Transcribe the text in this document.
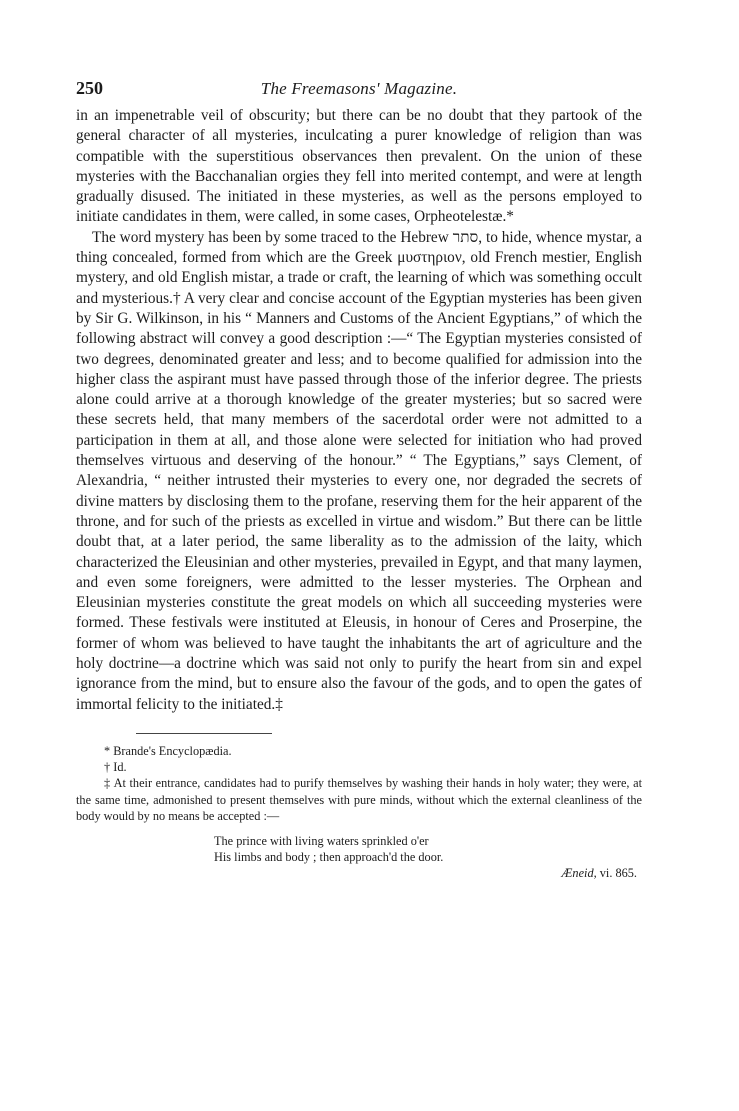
250	The Freemasons' Magazine.

in an impenetrable veil of obscurity; but there can be no doubt that they partook of the general character of all mysteries, inculcating a purer knowledge of religion than was compatible with the superstitious observances then prevalent. On the union of these mysteries with the Bacchanalian orgies they fell into merited contempt, and were at length gradually disused. The initiated in these mysteries, as well as the persons employed to initiate candidates in them, were called, in some cases, Orpheotelestæ.*

The word mystery has been by some traced to the Hebrew סתר, to hide, whence mystar, a thing concealed, formed from which are the Greek μυστηριον, old French mestier, English mystery, and old English mistar, a trade or craft, the learning of which was something occult and mysterious.† A very clear and concise account of the Egyptian mysteries has been given by Sir G. Wilkinson, in his “ Manners and Customs of the Ancient Egyptians,” of which the following abstract will convey a good description :—“ The Egyptian mysteries consisted of two degrees, denominated greater and less; and to become qualified for admission into the higher class the aspirant must have passed through those of the inferior degree. The priests alone could arrive at a thorough knowledge of the greater mysteries; but so sacred were these secrets held, that many members of the sacerdotal order were not admitted to a participation in them at all, and those alone were selected for initiation who had proved themselves virtuous and deserving of the honour.” “ The Egyptians,” says Clement, of Alexandria, “ neither intrusted their mysteries to every one, nor degraded the secrets of divine matters by disclosing them to the profane, reserving them for the heir apparent of the throne, and for such of the priests as excelled in virtue and wisdom.” But there can be little doubt that, at a later period, the same liberality as to the admission of the laity, which characterized the Eleusinian and other mysteries, prevailed in Egypt, and that many laymen, and even some foreigners, were admitted to the lesser mysteries. The Orphean and Eleusinian mysteries constitute the great models on which all succeeding mysteries were formed. These festivals were instituted at Eleusis, in honour of Ceres and Proserpine, the former of whom was believed to have taught the inhabitants the art of agriculture and the holy doctrine—a doctrine which was said not only to purify the heart from sin and expel ignorance from the mind, but to ensure also the favour of the gods, and to open the gates of immortal felicity to the initiated.‡

* Brande's Encyclopædia.
† Id.
‡ At their entrance, candidates had to purify themselves by washing their hands in holy water; they were, at the same time, admonished to present themselves with pure minds, without which the external cleanliness of the body would by no means be accepted :—
The prince with living waters sprinkled o'er
His limbs and body ; then approach'd the door.
Æneid, vi. 865.
